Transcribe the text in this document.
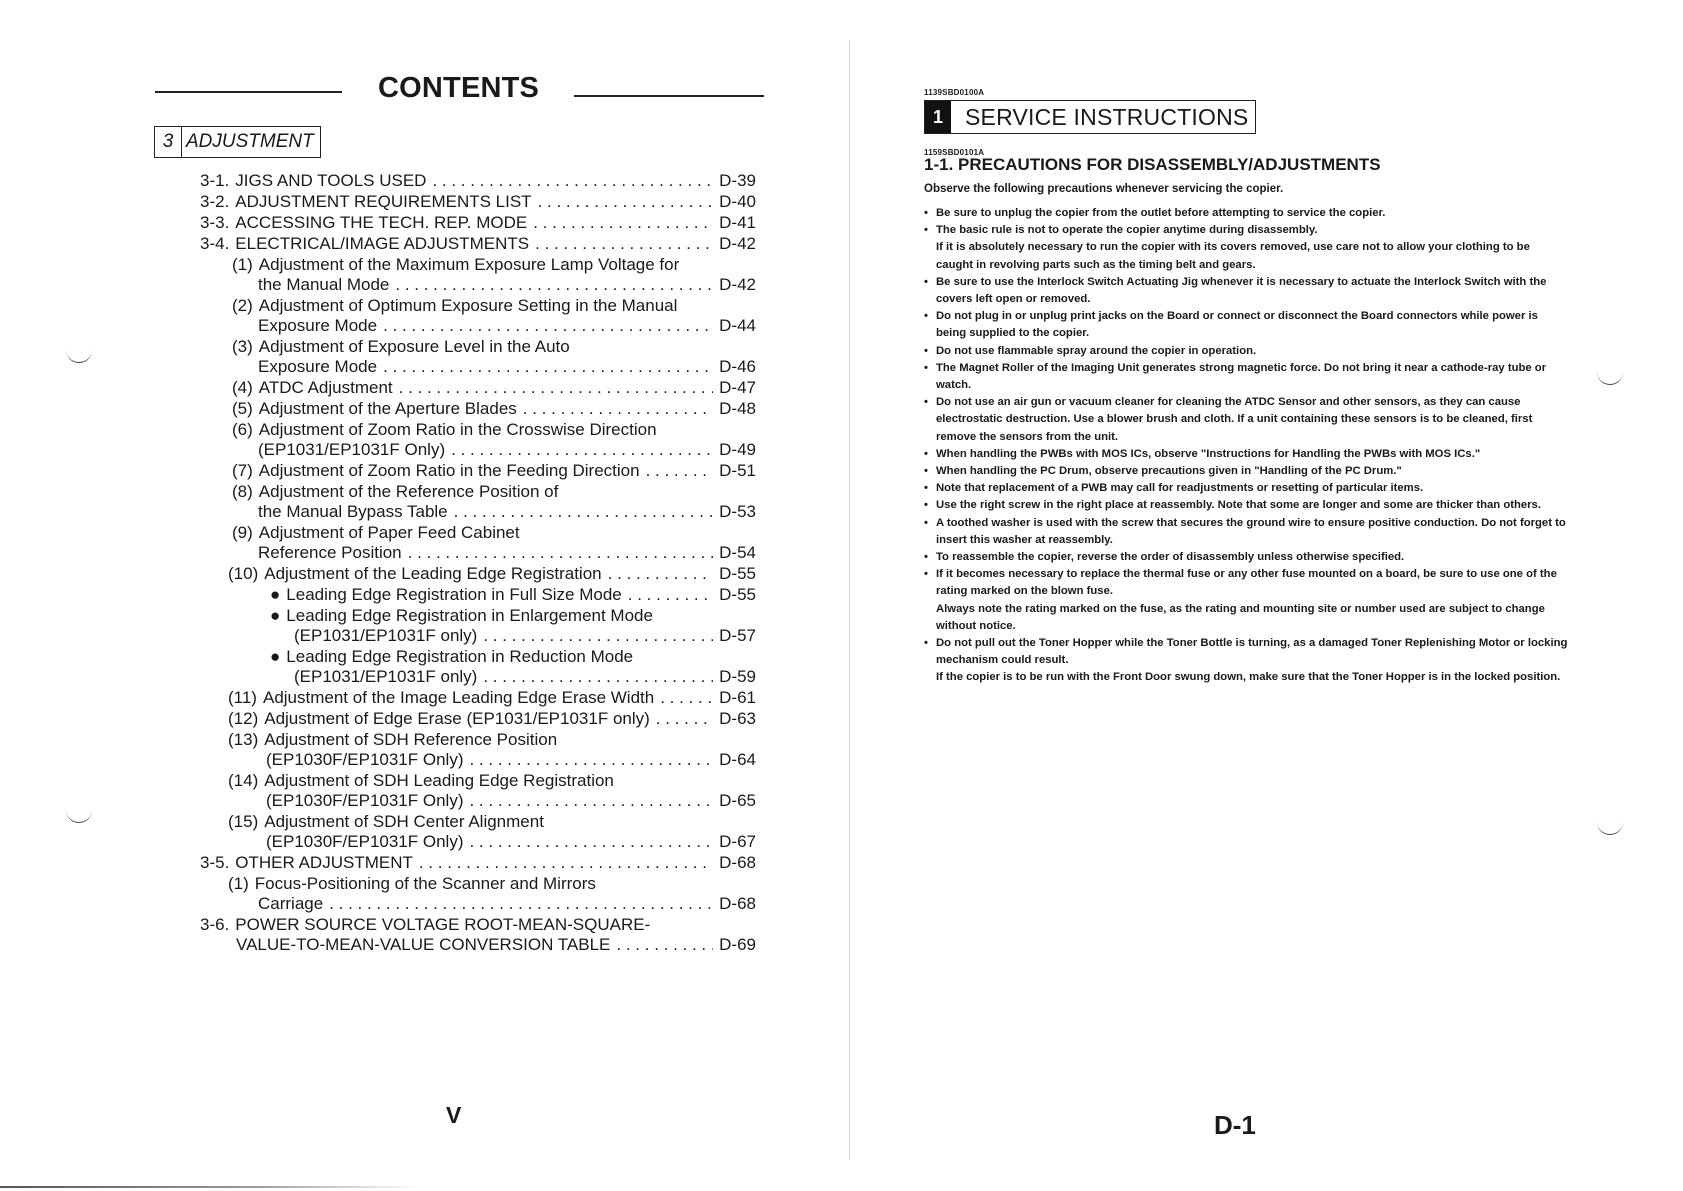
CONTENTS
3 ADJUSTMENT
3-1. JIGS AND TOOLS USED . . .	D-39
3-2. ADJUSTMENT REQUIREMENTS LIST . . .	D-40
3-3. ACCESSING THE TECH. REP. MODE . . .	D-41
3-4. ELECTRICAL/IMAGE ADJUSTMENTS . . .	D-42
(1) Adjustment of the Maximum Exposure Lamp Voltage for
the Manual Mode . . .	D-42
(2) Adjustment of Optimum Exposure Setting in the Manual
Exposure Mode . . .	D-44
(3) Adjustment of Exposure Level in the Auto
Exposure Mode . . .	D-46
(4) ATDC Adjustment . . .	D-47
(5) Adjustment of the Aperture Blades . . .	D-48
(6) Adjustment of Zoom Ratio in the Crosswise Direction
(EP1031/EP1031F Only) . . .	D-49
(7) Adjustment of Zoom Ratio in the Feeding Direction . . .	D-51
(8) Adjustment of the Reference Position of
the Manual Bypass Table . . .	D-53
(9) Adjustment of Paper Feed Cabinet
Reference Position . . .	D-54
(10) Adjustment of the Leading Edge Registration . . .	D-55
● Leading Edge Registration in Full Size Mode . . .	D-55
● Leading Edge Registration in Enlargement Mode
(EP1031/EP1031F only) . . .	D-57
● Leading Edge Registration in Reduction Mode
(EP1031/EP1031F only) . . .	D-59
(11) Adjustment of the Image Leading Edge Erase Width . . .	D-61
(12) Adjustment of Edge Erase (EP1031/EP1031F only) . . .	D-63
(13) Adjustment of SDH Reference Position
(EP1030F/EP1031F Only) . . .	D-64
(14) Adjustment of SDH Leading Edge Registration
(EP1030F/EP1031F Only) . . .	D-65
(15) Adjustment of SDH Center Alignment
(EP1030F/EP1031F Only) . . .	D-67
3-5. OTHER ADJUSTMENT . . .	D-68
(1) Focus-Positioning of the Scanner and Mirrors
Carriage . . .	D-68
3-6. POWER SOURCE VOLTAGE ROOT-MEAN-SQUARE-
VALUE-TO-MEAN-VALUE CONVERSION TABLE . . .	D-69
V
1139SBD0100A
1 SERVICE INSTRUCTIONS
1159SBD0101A
1-1. PRECAUTIONS FOR DISASSEMBLY/ADJUSTMENTS
Observe the following precautions whenever servicing the copier.
• Be sure to unplug the copier from the outlet before attempting to service the copier.
• The basic rule is not to operate the copier anytime during disassembly.
If it is absolutely necessary to run the copier with its covers removed, use care not to allow your clothing to be caught in revolving parts such as the timing belt and gears.
• Be sure to use the Interlock Switch Actuating Jig whenever it is necessary to actuate the Interlock Switch with the covers left open or removed.
• Do not plug in or unplug print jacks on the Board or connect or disconnect the Board connectors while power is being supplied to the copier.
• Do not use flammable spray around the copier in operation.
• The Magnet Roller of the Imaging Unit generates strong magnetic force. Do not bring it near a cathode-ray tube or watch.
• Do not use an air gun or vacuum cleaner for cleaning the ATDC Sensor and other sensors, as they can cause electrostatic destruction. Use a blower brush and cloth. If a unit containing these sensors is to be cleaned, first remove the sensors from the unit.
• When handling the PWBs with MOS ICs, observe "Instructions for Handling the PWBs with MOS ICs."
• When handling the PC Drum, observe precautions given in "Handling of the PC Drum."
• Note that replacement of a PWB may call for readjustments or resetting of particular items.
• Use the right screw in the right place at reassembly. Note that some are longer and some are thicker than others.
• A toothed washer is used with the screw that secures the ground wire to ensure positive conduction. Do not forget to insert this washer at reassembly.
• To reassemble the copier, reverse the order of disassembly unless otherwise specified.
• If it becomes necessary to replace the thermal fuse or any other fuse mounted on a board, be sure to use one of the rating marked on the blown fuse.
Always note the rating marked on the fuse, as the rating and mounting site or number used are subject to change without notice.
• Do not pull out the Toner Hopper while the Toner Bottle is turning, as a damaged Toner Replenishing Motor or locking mechanism could result.
If the copier is to be run with the Front Door swung down, make sure that the Toner Hopper is in the locked position.
D-1
